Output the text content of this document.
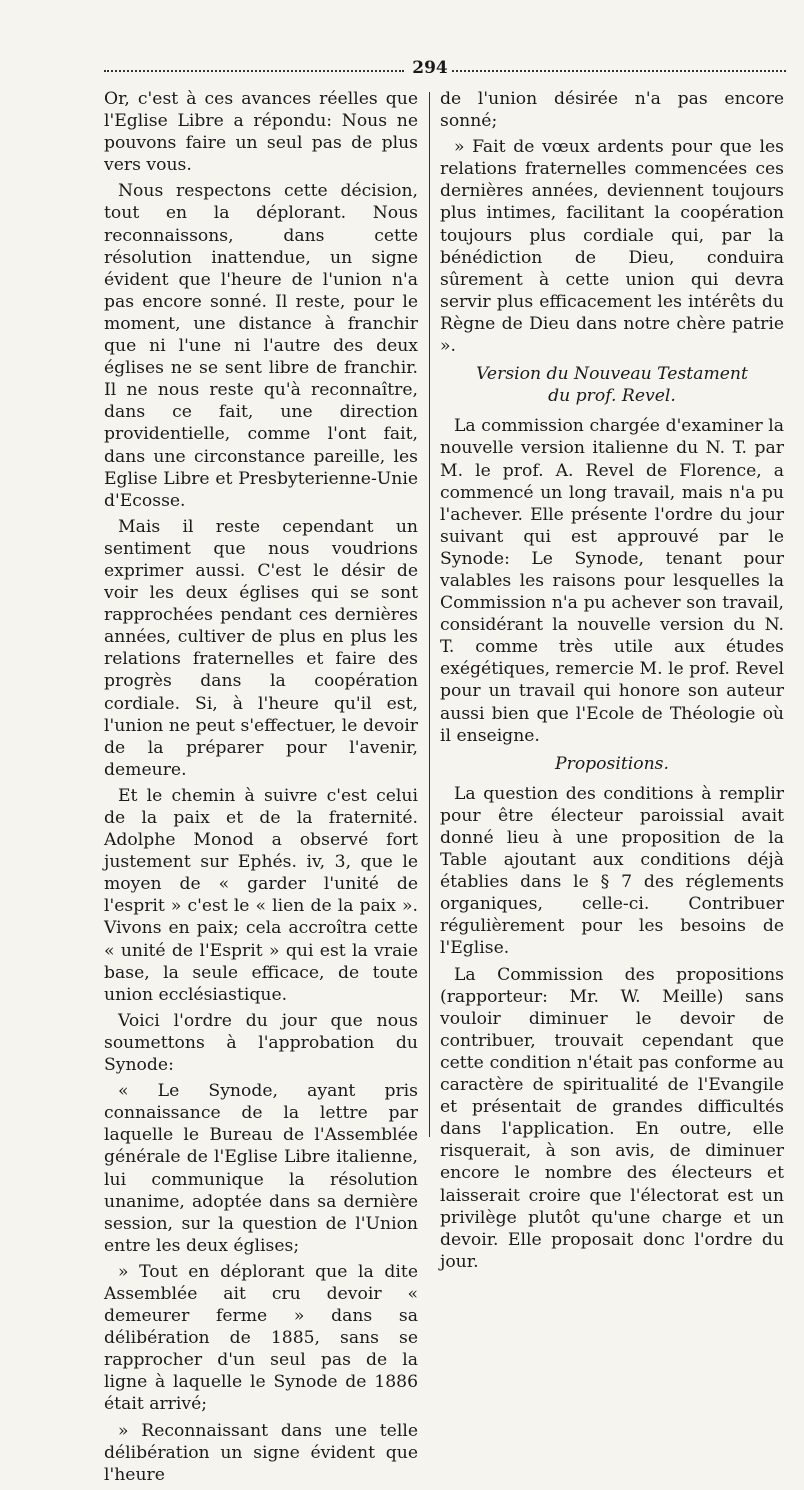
294

Or, c'est à ces avances réelles que l'Eglise Libre a répondu: Nous ne pouvons faire un seul pas de plus vers vous.

Nous respectons cette décision, tout en la déplorant. Nous reconnaissons, dans cette résolution inattendue, un signe évident que l'heure de l'union n'a pas encore sonné. Il reste, pour le moment, une distance à franchir que ni l'une ni l'autre des deux églises ne se sent libre de franchir. Il ne nous reste qu'à reconnaître, dans ce fait, une direction providentielle, comme l'ont fait, dans une circonstance pareille, les Eglise Libre et Presbyterienne-Unie d'Ecosse.

Mais il reste cependant un sentiment que nous voudrions exprimer aussi. C'est le désir de voir les deux églises qui se sont rapprochées pendant ces dernières années, cultiver de plus en plus les relations fraternelles et faire des progrès dans la coopération cordiale. Si, à l'heure qu'il est, l'union ne peut s'effectuer, le devoir de la préparer pour l'avenir, demeure.

Et le chemin à suivre c'est celui de la paix et de la fraternité. Adolphe Monod a observé fort justement sur Ephés. iv, 3, que le moyen de « garder l'unité de l'esprit » c'est le « lien de la paix ». Vivons en paix; cela accroîtra cette « unité de l'Esprit » qui est la vraie base, la seule efficace, de toute union ecclésiastique.

Voici l'ordre du jour que nous soumettons à l'approbation du Synode:

« Le Synode, ayant pris connaissance de la lettre par laquelle le Bureau de l'Assemblée générale de l'Eglise Libre italienne, lui communique la résolution unanime, adoptée dans sa dernière session, sur la question de l'Union entre les deux églises;

» Tout en déplorant que la dite Assemblée ait cru devoir « demeurer ferme » dans sa délibération de 1885, sans se rapprocher d'un seul pas de la ligne à laquelle le Synode de 1886 était arrivé;

» Reconnaissant dans une telle délibération un signe évident que l'heure

de l'union désirée n'a pas encore sonné;

» Fait de vœux ardents pour que les relations fraternelles commencées ces dernières années, deviennent toujours plus intimes, facilitant la coopération toujours plus cordiale qui, par la bénédiction de Dieu, conduira sûrement à cette union qui devra servir plus efficacement les intérêts du Règne de Dieu dans notre chère patrie ».

Version du Nouveau Testament
du prof. Revel.

La commission chargée d'examiner la nouvelle version italienne du N. T. par M. le prof. A. Revel de Florence, a commencé un long travail, mais n'a pu l'achever. Elle présente l'ordre du jour suivant qui est approuvé par le Synode: Le Synode, tenant pour valables les raisons pour lesquelles la Commission n'a pu achever son travail, considérant la nouvelle version du N. T. comme très utile aux études exégétiques, remercie M. le prof. Revel pour un travail qui honore son auteur aussi bien que l'Ecole de Théologie où il enseigne.

Propositions.

La question des conditions à remplir pour être électeur paroissial avait donné lieu à une proposition de la Table ajoutant aux conditions déjà établies dans le § 7 des réglements organiques, celle-ci. Contribuer régulièrement pour les besoins de l'Eglise.

La Commission des propositions (rapporteur: Mr. W. Meille) sans vouloir diminuer le devoir de contribuer, trouvait cependant que cette condition n'était pas conforme au caractère de spiritualité de l'Evangile et présentait de grandes difficultés dans l'application. En outre, elle risquerait, à son avis, de diminuer encore le nombre des électeurs et laisserait croire que l'électorat est un privilège plutôt qu'une charge et un devoir. Elle proposait donc l'ordre du jour.
